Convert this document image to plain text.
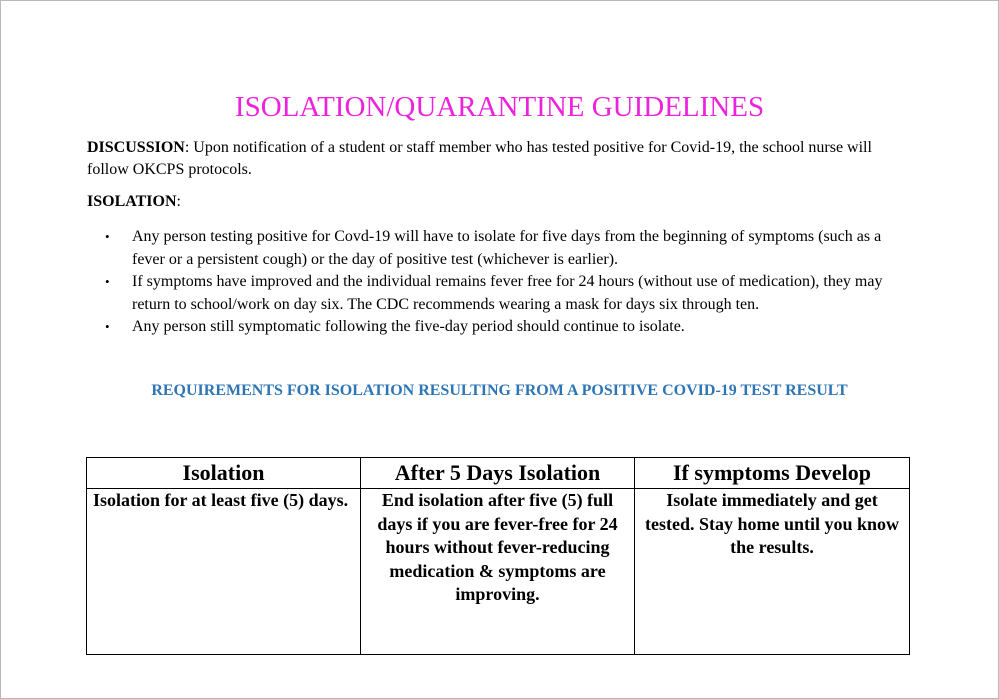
ISOLATION/QUARANTINE GUIDELINES
DISCUSSION: Upon notification of a student or staff member who has tested positive for Covid-19, the school nurse will follow OKCPS protocols.
ISOLATION:
•	Any person testing positive for Covd-19 will have to isolate for five days from the beginning of symptoms (such as a fever or a persistent cough) or the day of positive test (whichever is earlier).
•	If symptoms have improved and the individual remains fever free for 24 hours (without use of medication), they may return to school/work on day six. The CDC recommends wearing a mask for days six through ten.
•	Any person still symptomatic following the five-day period should continue to isolate.
REQUIREMENTS FOR ISOLATION RESULTING FROM A POSITIVE COVID-19 TEST RESULT
Isolation	After 5 Days Isolation	If symptoms Develop
Isolation for at least five (5) days.	End isolation after five (5) full days if you are fever-free for 24 hours without fever-reducing medication & symptoms are improving.	Isolate immediately and get tested. Stay home until you know the results.
